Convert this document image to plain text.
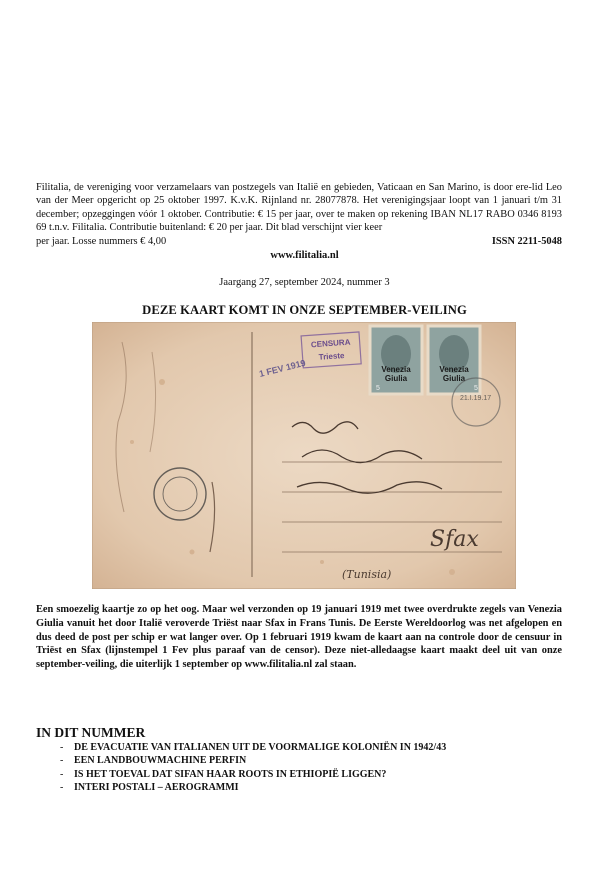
Filitalia, de vereniging voor verzamelaars van postzegels van Italië en gebieden, Vaticaan en San Marino, is door ere-lid Leo van der Meer opgericht op 25 oktober 1997. K.v.K. Rijnland nr. 28077878. Het verenigingsjaar loopt van 1 januari t/m 31 december; opzeggingen vóór 1 oktober. Contributie: € 15 per jaar, over te maken op rekening IBAN NL17 RABO 0346 8193 69 t.n.v. Filitalia. Contributie buitenland: € 20 per jaar. Dit blad verschijnt vier keer
per jaar. Losse nummers € 4,00	ISSN 2211-5048
www.filitalia.nl
Jaargang 27, september 2024, nummer 3
DEZE KAART KOMT IN ONZE SEPTEMBER-VEILING
Venezia
Giulia
5
Venezia
Giulia
5
CENSURA
Trieste
1 FEV 1919
21.I.19.17
Sfax
(Tunisia)
Een smoezelig kaartje zo op het oog. Maar wel verzonden op 19 januari 1919 met twee overdrukte zegels van Venezia Giulia vanuit het door Italië veroverde Triëst naar Sfax in Frans Tunis. De Eerste Wereldoorlog was net afgelopen en dus deed de post per schip er wat langer over. Op 1 februari 1919 kwam de kaart aan na controle door de censuur in Triëst en Sfax (lijnstempel 1 Fev plus paraaf van de censor). Deze niet-alledaagse kaart maakt deel uit van onze september-veiling, die uiterlijk 1 september op www.filitalia.nl zal staan.
IN DIT NUMMER
-	DE EVACUATIE VAN ITALIANEN UIT DE VOORMALIGE KOLONIËN IN 1942/43
-	EEN LANDBOUWMACHINE PERFIN
-	IS HET TOEVAL DAT SIFAN HAAR ROOTS IN ETHIOPIË LIGGEN?
-	INTERI POSTALI – AEROGRAMMI
